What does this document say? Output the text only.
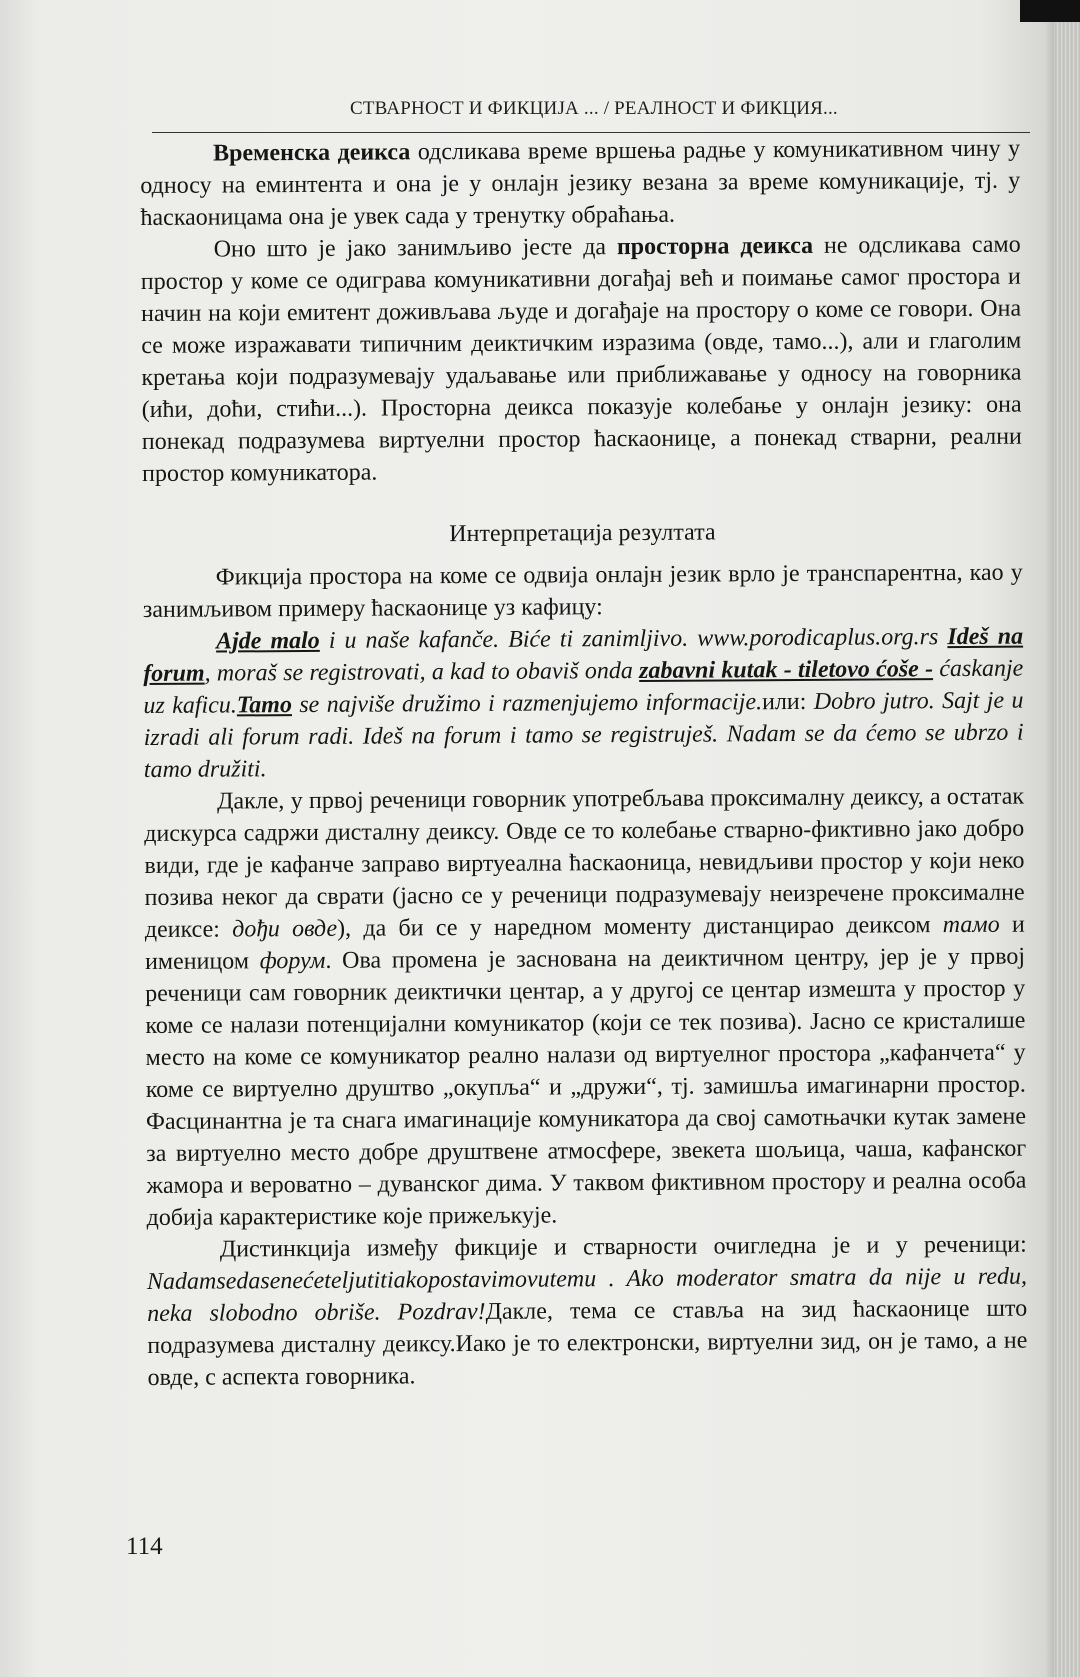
СТВАРНОСТ И ФИКЦИЈА ... / РЕАЛНОСТ И ФИКЦИЯ...

Временска деикса одсликава време вршења радње у комуникативном чину у односу на еминтента и она је у онлајн језику везана за време комуникације, тј. у ћаскаоницама она је увек сада у тренутку обраћања.

Оно што је јако занимљиво јесте да просторна деикса не одсликава само простор у коме се одиграва комуникативни догађај већ и поимање самог простора и начин на који емитент доживљава људе и догађаје на простору о коме се говори. Она се може изражавати типичним деиктичким изразима (овде, тамо...), али и глаголим кретања који подразумевају удаљавање или приближавање у односу на говорника (ићи, доћи, стићи...). Просторна деикса показује колебање у онлајн језику: она понекад подразумева виртуелни простор ћаскаонице, а понекад стварни, реални простор комуникатора.

Интерпретација резултата

Фикција простора на коме се одвија онлајн језик врло је транспарентна, као у занимљивом примеру ћаскаонице уз кафицу:

Ajde malo i u naše kafanče. Biće ti zanimljivo. www.porodicaplus.org.rs Ideš na forum, moraš se registrovati, a kad to obaviš onda zabavni kutak - tiletovo ćoše - ćaskanje uz kaficu.Tamo se najviše družimo i razmenjujemo informacije.или: Dobro jutro. Sajt je u izradi ali forum radi. Ideš na forum i tamo se registruješ. Nadam se da ćemo se ubrzo i tamo družiti.

Дакле, у првој реченици говорник употребљава проксималну деиксу, а остатак дискурса садржи дисталну деиксу. Овде се то колебање стварно-фиктивно јако добро види, где је кафанче заправо виртуеална ћаскаоница, невидљиви простор у који неко позива неког да сврати (јасно се у реченици подразумевају неизречене проксималне деиксе: дођи овде), да би се у наредном моменту дистанцирао деиксом тамо и именицом форум. Ова промена је заснована на деиктичном центру, јер је у првој реченици сам говорник деиктички центар, а у другој се центар измешта у простор у коме се налази потенцијални комуникатор (који се тек позива). Јасно се кристалише место на коме се комуникатор реално налази од виртуелног простора „кафанчета“ у коме се виртуелно друштво „окупља“ и „дружи“, тј. замишља имагинарни простор. Фасцинантна је та снага имагинације комуникатора да свој самотњачки кутак замене за виртуелно место добре друштвене атмосфере, звекета шољица, чаша, кафанског жамора и вероватно – дуванског дима. У таквом фиктивном простору и реална особа добија карактеристике које прижељкује.

Дистинкција између фикције и стварности очигледна је и у реченици: Nadamsedasenećeteljutitiakopostavimovutemu . Ako moderator smatra da nije u redu, neka slobodno obriše. Pozdrav!Дакле, тема се ставља на зид ћаскаонице што подразумева дисталну деиксу.Иако је то електронски, виртуелни зид, он је тамо, а не овде, с аспекта говорника.

114
